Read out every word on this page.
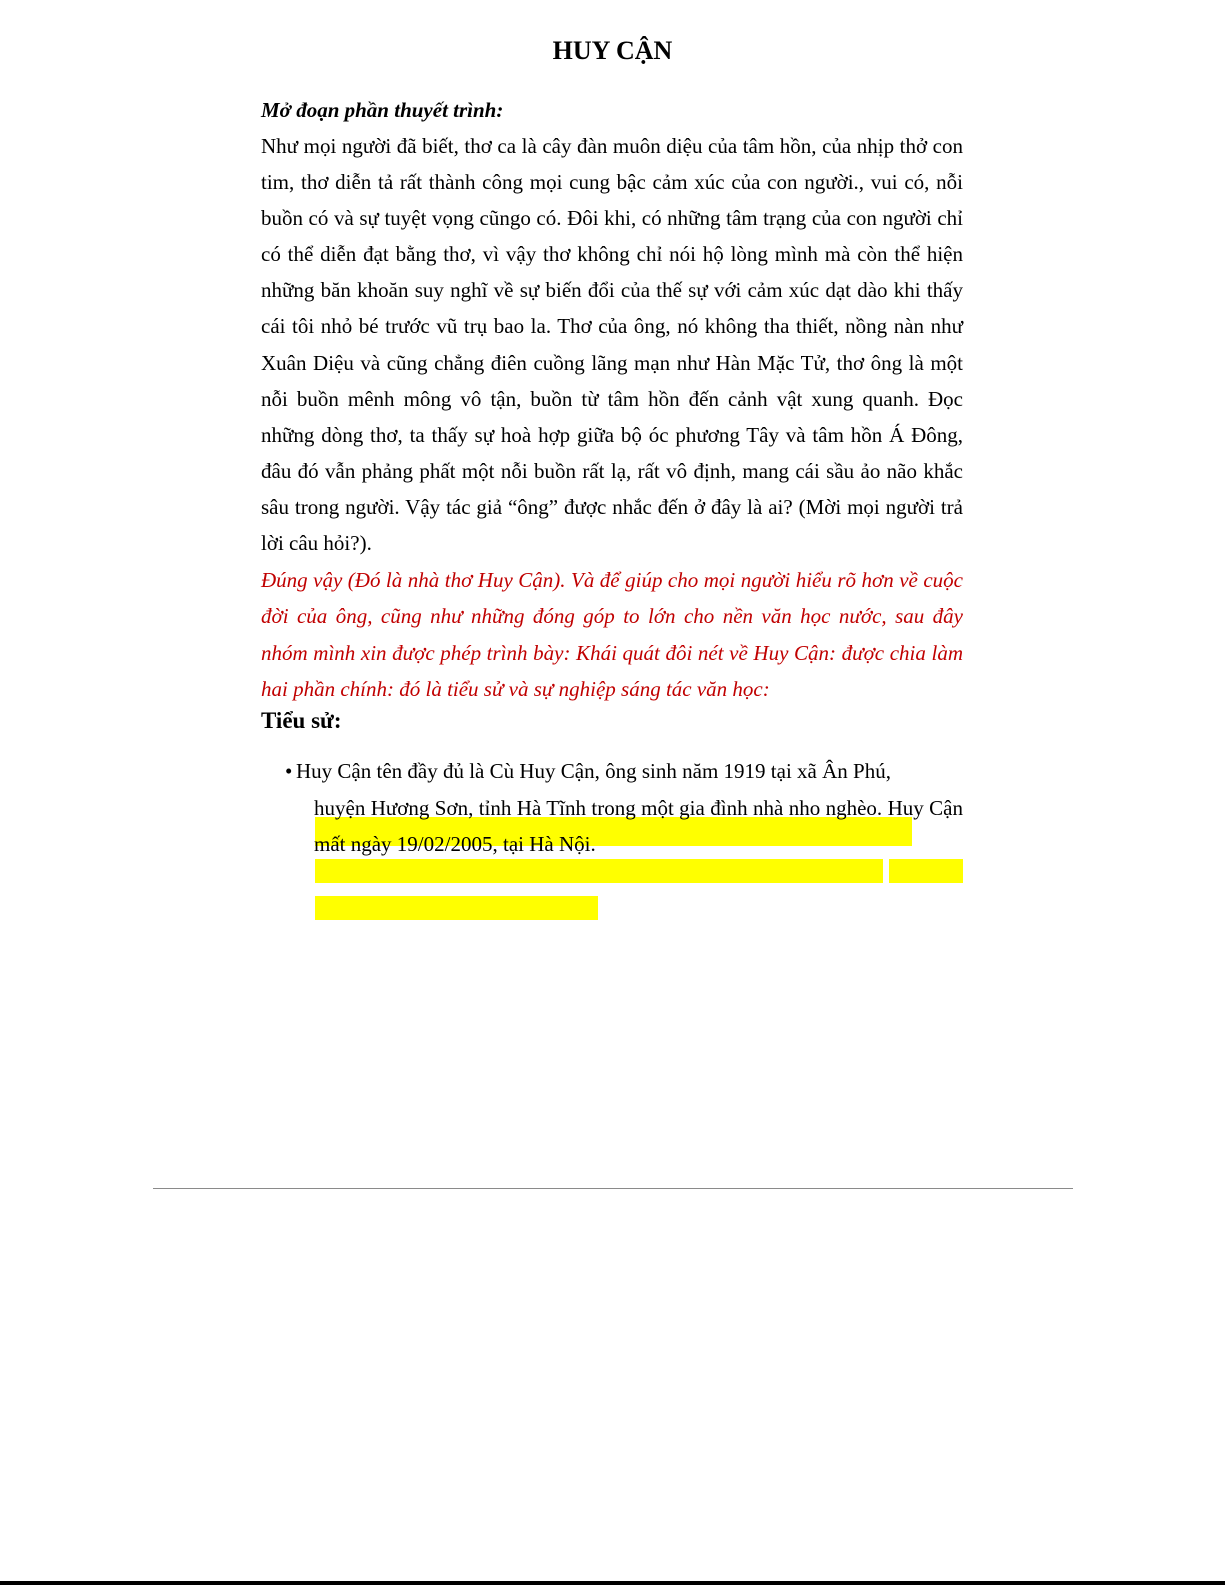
HUY CẬN
Mở đoạn phần thuyết trình:
Như mọi người đã biết, thơ ca là cây đàn muôn diệu của tâm hồn, của nhịp thở con tim, thơ diễn tả rất thành công mọi cung bậc cảm xúc của con người., vui có, nỗi buồn có và sự tuyệt vọng cũngo có. Đôi khi, có những tâm trạng của con người chỉ có thể diễn đạt bằng thơ, vì vậy thơ không chỉ nói hộ lòng mình mà còn thể hiện những băn khoăn suy nghĩ về sự biến đổi của thế sự với cảm xúc dạt dào khi thấy cái tôi nhỏ bé trước vũ trụ bao la. Thơ của ông, nó không tha thiết, nồng nàn như Xuân Diệu và cũng chẳng điên cuồng lãng mạn như Hàn Mặc Tử, thơ ông là một nỗi buồn mênh mông vô tận, buồn từ tâm hồn đến cảnh vật xung quanh. Đọc những dòng thơ, ta thấy sự hoà hợp giữa bộ óc phương Tây và tâm hồn Á Đông, đâu đó vẫn phảng phất một nỗi buồn rất lạ, rất vô định, mang cái sầu ảo não khắc sâu trong người. Vậy tác giả “ông” được nhắc đến ở đây là ai? (Mời mọi người trả lời câu hỏi?).
Đúng vậy (Đó là nhà thơ Huy Cận). Và để giúp cho mọi người hiểu rõ hơn về cuộc đời của ông, cũng như những đóng góp to lớn cho nền văn học nước, sau đây nhóm mình xin được phép trình bày: Khái quát đôi nét về Huy Cận: được chia làm hai phần chính: đó là tiểu sử và sự nghiệp sáng tác văn học:
Tiểu sử:
• Huy Cận tên đầy đủ là Cù Huy Cận, ông sinh năm 1919 tại xã Ân Phú,
huyện Hương Sơn, tỉnh Hà Tĩnh trong một gia đình nhà nho nghèo. Huy Cận
mất ngày 19/02/2005, tại Hà Nội.
